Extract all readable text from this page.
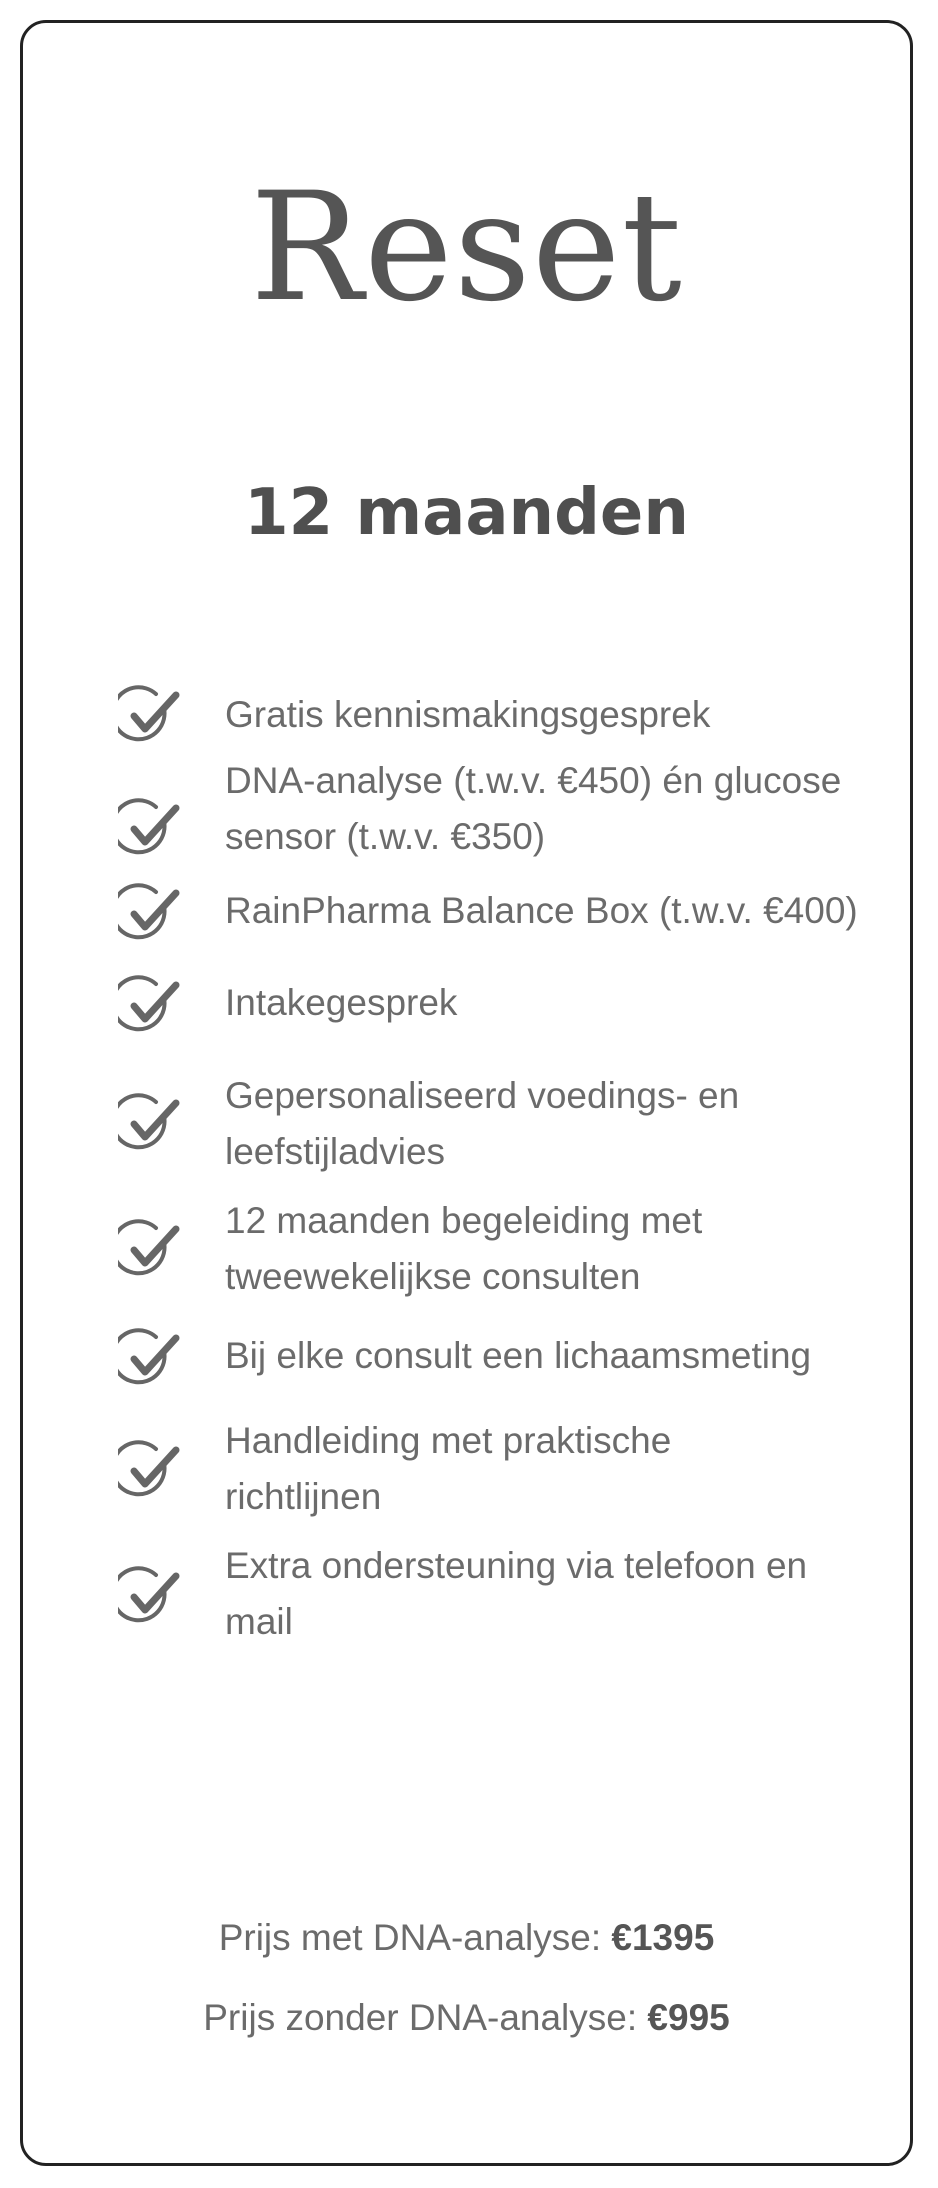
Reset
12 maanden
Gratis kennismakingsgesprek
DNA-analyse (t.w.v. €450) én glucose
sensor (t.w.v. €350)
RainPharma Balance Box (t.w.v. €400)
Intakegesprek
Gepersonaliseerd voedings- en
leefstijladvies
12 maanden begeleiding met
tweewekelijkse consulten
Bij elke consult een lichaamsmeting
Handleiding met praktische
richtlijnen
Extra ondersteuning via telefoon en
mail
Prijs met DNA-analyse: €1395
Prijs zonder DNA-analyse: €995
